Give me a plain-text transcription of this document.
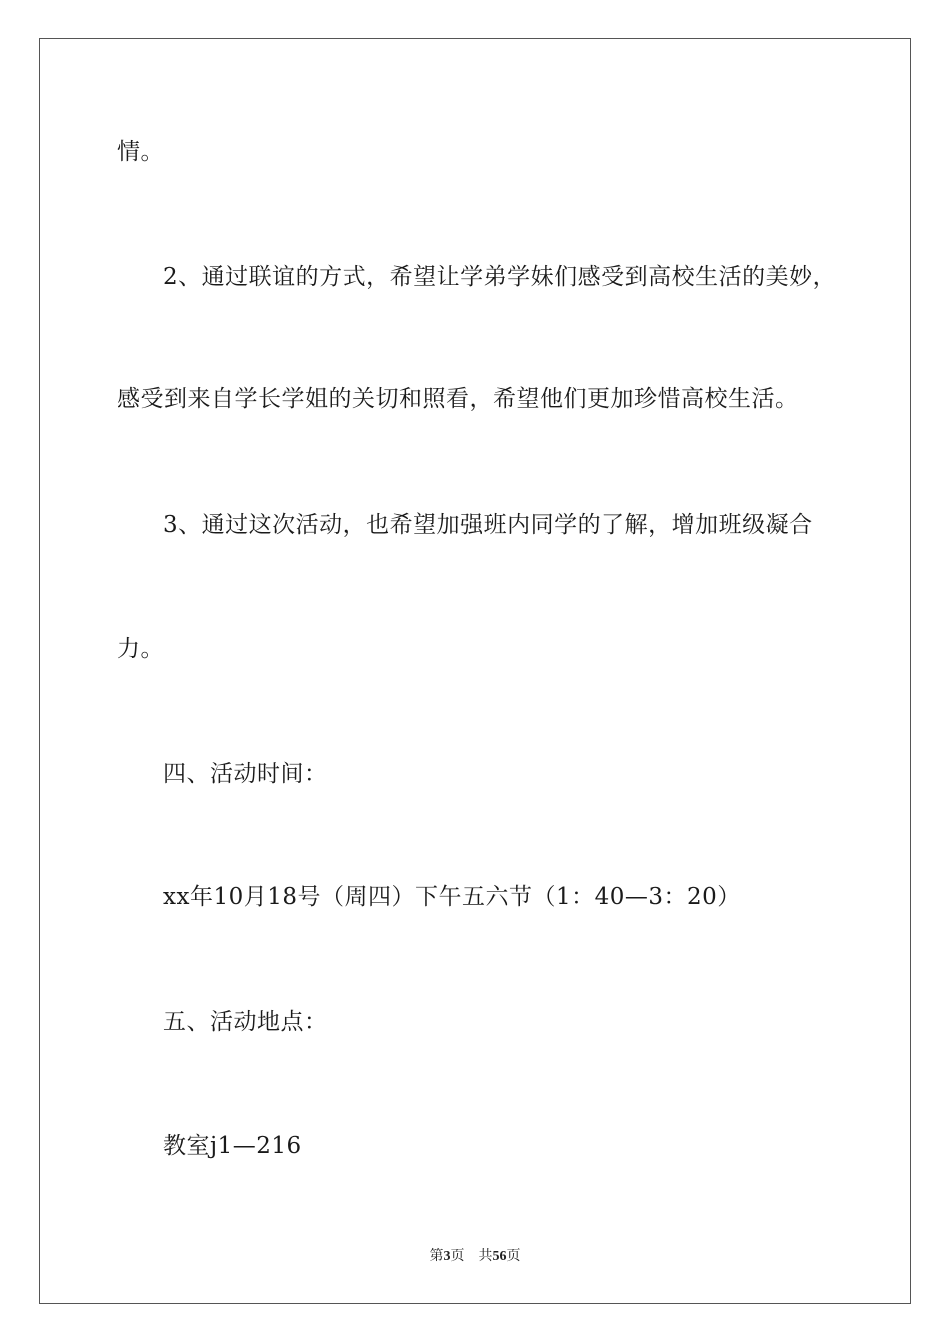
情。
2、通过联谊的方式，希望让学弟学妹们感受到高校生活的美妙，
感受到来自学长学姐的关切和照看，希望他们更加珍惜高校生活。
3、通过这次活动，也希望加强班内同学的了解，增加班级凝合
力。
四、活动时间：
xx年10月18号（周四）下午五六节（1：40—3：20）
五、活动地点：
教室j1—216
第3页 共56页
